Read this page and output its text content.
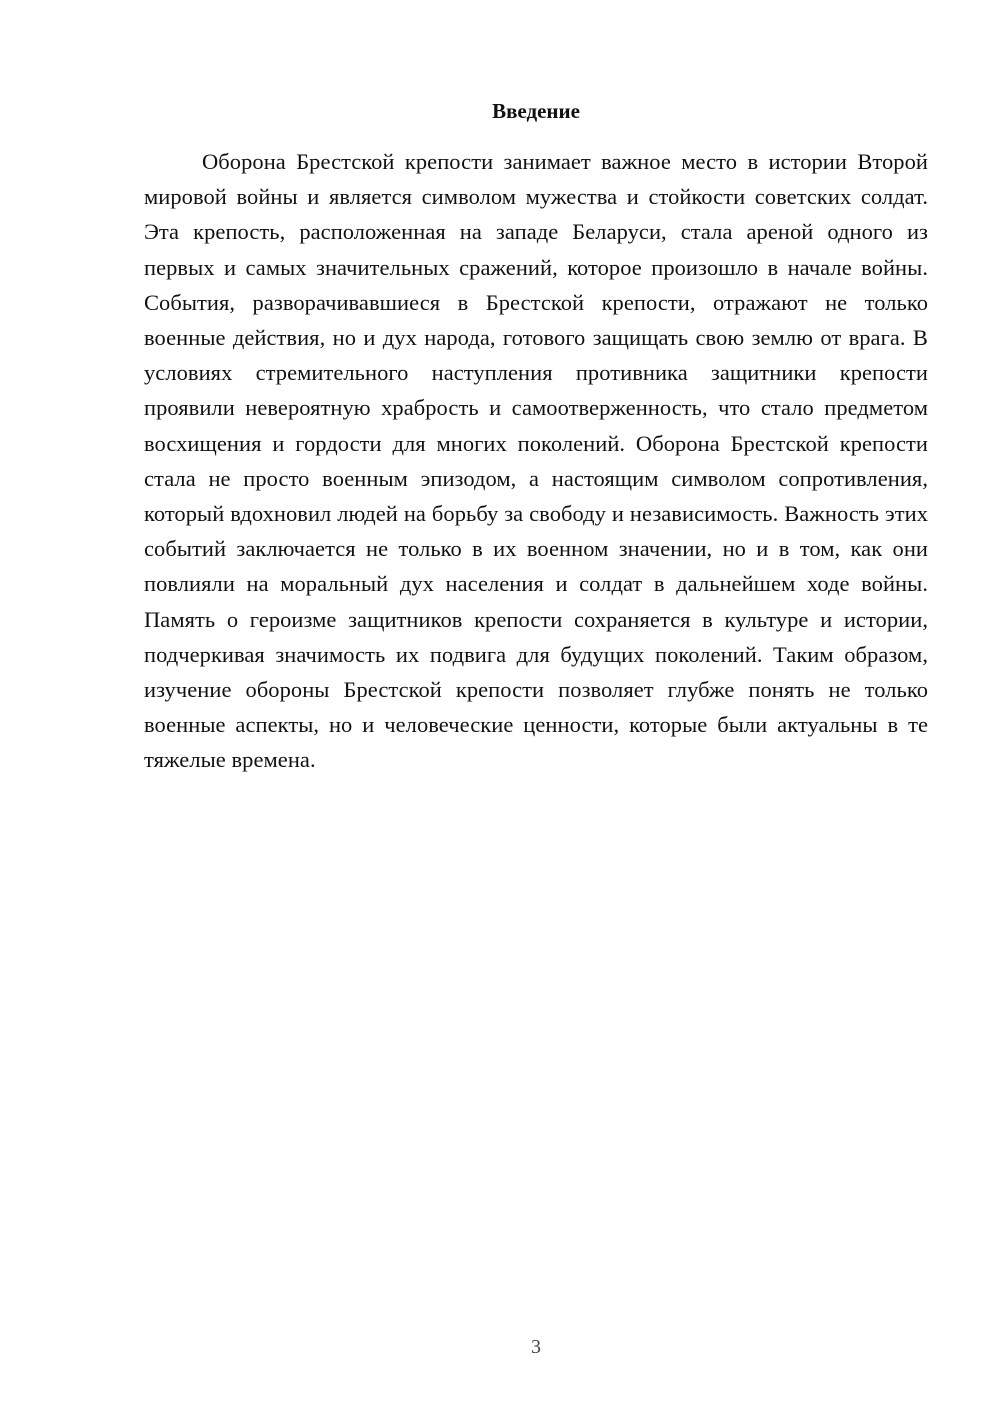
Введение

Оборона Брестской крепости занимает важное место в истории Второй мировой войны и является символом мужества и стойкости советских солдат. Эта крепость, расположенная на западе Беларуси, стала ареной одного из первых и самых значительных сражений, которое произошло в начале войны. События, разворачивавшиеся в Брестской крепости, отражают не только военные действия, но и дух народа, готового защищать свою землю от врага. В условиях стремительного наступления противника защитники крепости проявили невероятную храбрость и самоотверженность, что стало предметом восхищения и гордости для многих поколений. Оборона Брестской крепости стала не просто военным эпизодом, а настоящим символом сопротивления, который вдохновил людей на борьбу за свободу и независимость. Важность этих событий заключается не только в их военном значении, но и в том, как они повлияли на моральный дух населения и солдат в дальнейшем ходе войны. Память о героизме защитников крепости сохраняется в культуре и истории, подчеркивая значимость их подвига для будущих поколений. Таким образом, изучение обороны Брестской крепости позволяет глубже понять не только военные аспекты, но и человеческие ценности, которые были актуальны в те тяжелые времена.

3
